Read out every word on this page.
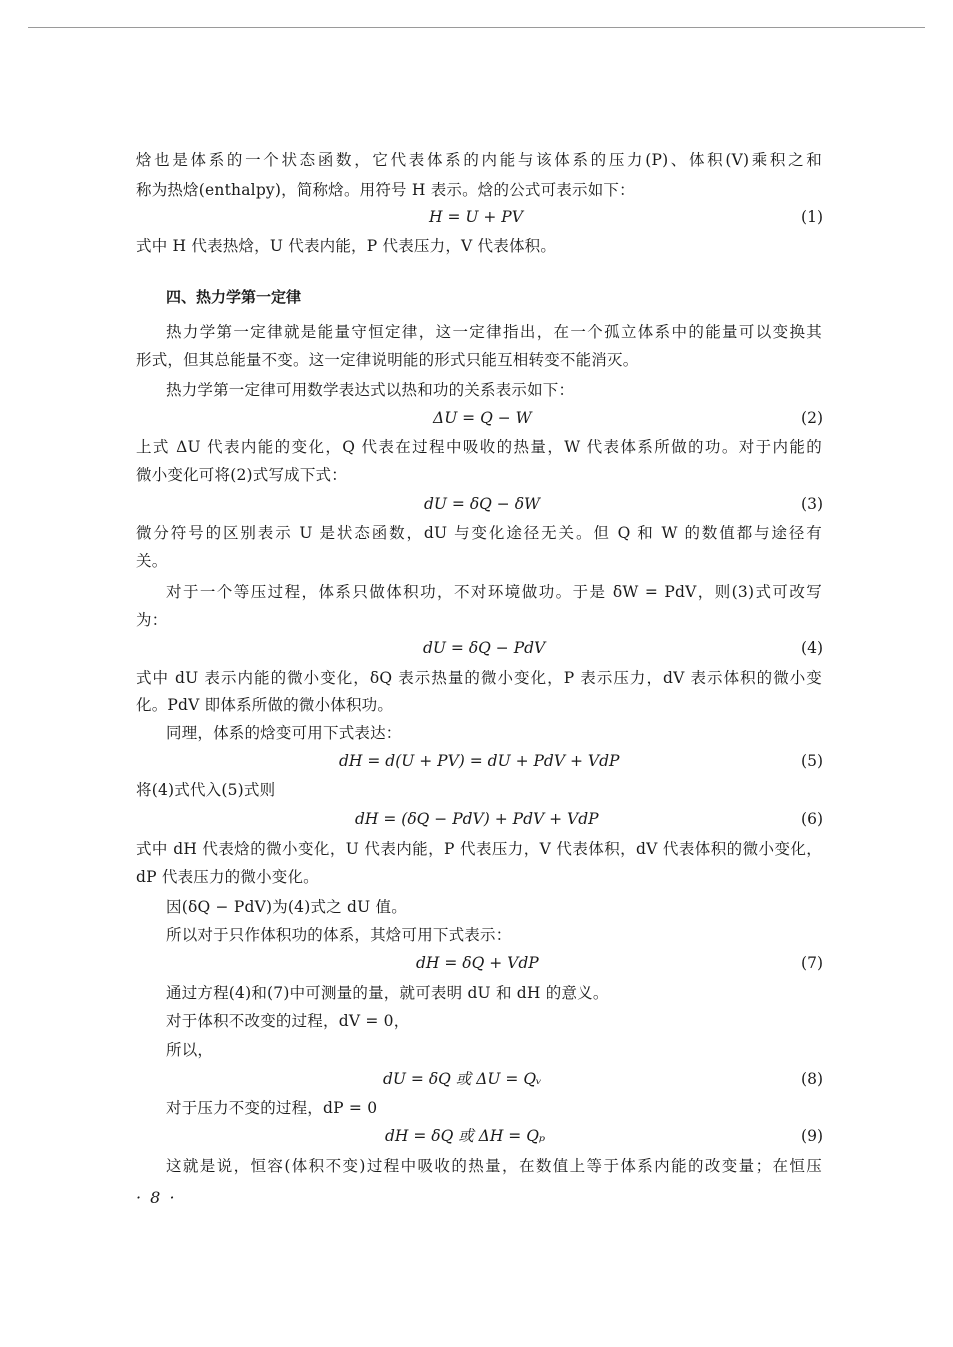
焓也是体系的一个状态函数，它代表体系的内能与该体系的压力(P)、体积(V)乘积之和
称为热焓(enthalpy)，简称焓。用符号 H 表示。焓的公式可表示如下：
H = U + PV	(1)
式中 H 代表热焓，U 代表内能，P 代表压力，V 代表体积。
四、热力学第一定律
热力学第一定律就是能量守恒定律，这一定律指出，在一个孤立体系中的能量可以变换其
形式，但其总能量不变。这一定律说明能的形式只能互相转变不能消灭。
热力学第一定律可用数学表达式以热和功的关系表示如下：
ΔU = Q − W	(2)
上式 ΔU 代表内能的变化，Q 代表在过程中吸收的热量，W 代表体系所做的功。对于内能的
微小变化可将(2)式写成下式：
dU = δQ − δW	(3)
微分符号的区别表示 U 是状态函数，dU 与变化途径无关。但 Q 和 W 的数值都与途径有
关。
对于一个等压过程，体系只做体积功，不对环境做功。于是 δW = PdV，则(3)式可改写
为：
dU = δQ − PdV	(4)
式中 dU 表示内能的微小变化，δQ 表示热量的微小变化，P 表示压力，dV 表示体积的微小变
化。PdV 即体系所做的微小体积功。
同理，体系的焓变可用下式表达：
dH = d(U + PV) = dU + PdV + VdP	(5)
将(4)式代入(5)式则
dH = (δQ − PdV) + PdV + VdP	(6)
式中 dH 代表焓的微小变化，U 代表内能，P 代表压力，V 代表体积，dV 代表体积的微小变化，
dP 代表压力的微小变化。
因(δQ − PdV)为(4)式之 dU 值。
所以对于只作体积功的体系，其焓可用下式表示：
dH = δQ + VdP	(7)
通过方程(4)和(7)中可测量的量，就可表明 dU 和 dH 的意义。
对于体积不改变的过程，dV = 0，
所以，
dU = δQ 或 ΔU = Qᵥ	(8)
对于压力不变的过程，dP = 0
dH = δQ 或 ΔH = Qₚ	(9)
这就是说，恒容(体积不变)过程中吸收的热量，在数值上等于体系内能的改变量；在恒压
· 8 ·
